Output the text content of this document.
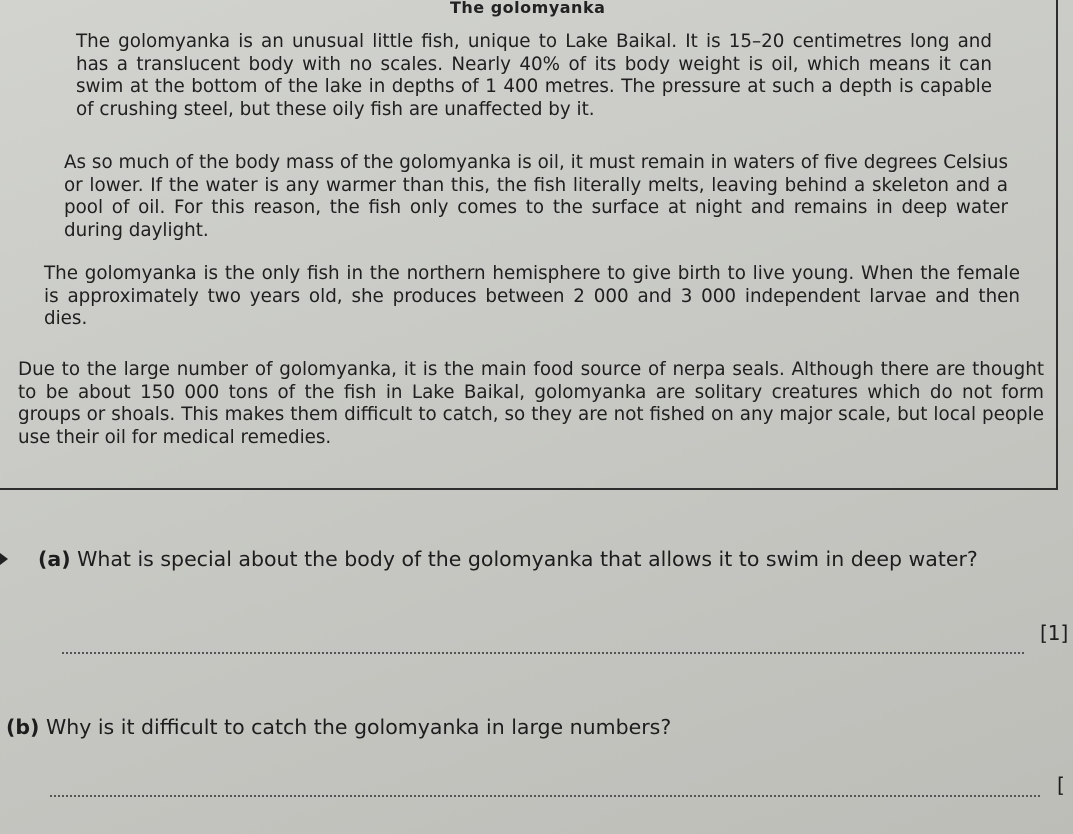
The golomyanka

The golomyanka is an unusual little fish, unique to Lake Baikal. It is 15–20 centimetres long and has a translucent body with no scales. Nearly 40% of its body weight is oil, which means it can swim at the bottom of the lake in depths of 1 400 metres. The pressure at such a depth is capable of crushing steel, but these oily fish are unaffected by it.

As so much of the body mass of the golomyanka is oil, it must remain in waters of five degrees Celsius or lower. If the water is any warmer than this, the fish literally melts, leaving behind a skeleton and a pool of oil. For this reason, the fish only comes to the surface at night and remains in deep water during daylight.

The golomyanka is the only fish in the northern hemisphere to give birth to live young. When the female is approximately two years old, she produces between 2 000 and 3 000 independent larvae and then dies.

Due to the large number of golomyanka, it is the main food source of nerpa seals. Although there are thought to be about 150 000 tons of the fish in Lake Baikal, golomyanka are solitary creatures which do not form groups or shoals. This makes them difficult to catch, so they are not fished on any major scale, but local people use their oil for medical remedies.

(a) What is special about the body of the golomyanka that allows it to swim in deep water?
[1]
(b) Why is it difficult to catch the golomyanka in large numbers?
[
